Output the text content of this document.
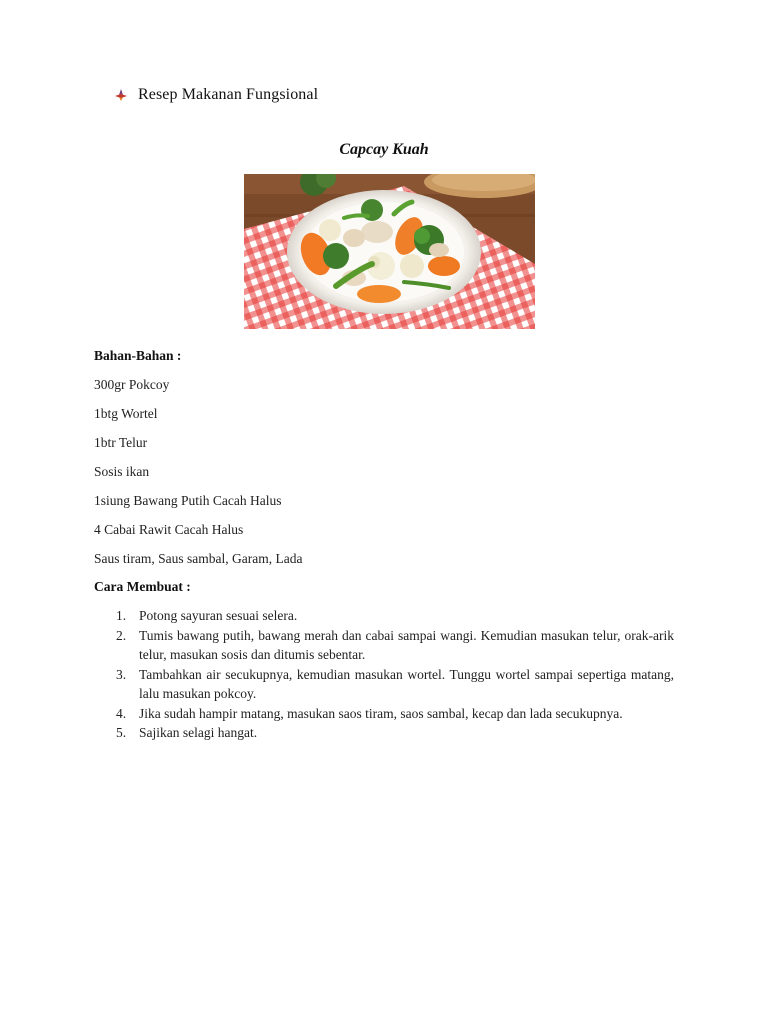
Resep Makanan Fungsional
Capcay Kuah
Bahan-Bahan :
300gr Pokcoy
1btg Wortel
1btr Telur
Sosis ikan
1siung Bawang Putih Cacah Halus
4 Cabai Rawit Cacah Halus
Saus tiram, Saus sambal, Garam, Lada
Cara Membuat :
1. Potong sayuran sesuai selera.
2. Tumis bawang putih, bawang merah dan cabai sampai wangi. Kemudian masukan telur, orak-arik telur, masukan sosis dan ditumis sebentar.
3. Tambahkan air secukupnya, kemudian masukan wortel. Tunggu wortel sampai sepertiga matang, lalu masukan pokcoy.
4. Jika sudah hampir matang, masukan saos tiram, saos sambal, kecap dan lada secukupnya.
5. Sajikan selagi hangat.
